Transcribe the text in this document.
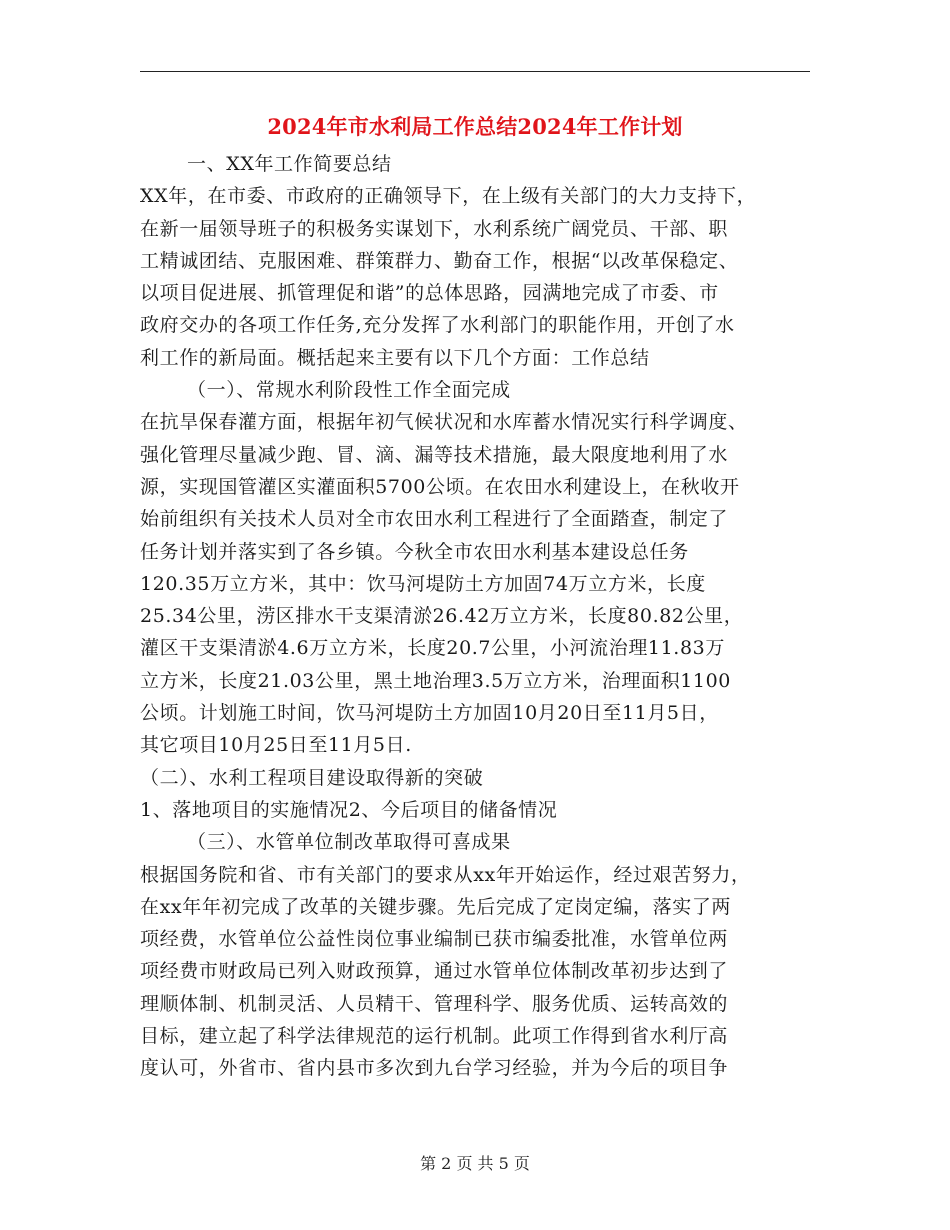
2024年市水利局工作总结2024年工作计划
一、XX年工作简要总结
XX年，在市委、市政府的正确领导下，在上级有关部门的大力支持下，
在新一届领导班子的积极务实谋划下，水利系统广阔党员、干部、职
工精诚团结、克服困难、群策群力、勤奋工作，根据“以改革保稳定、
以项目促进展、抓管理促和谐”的总体思路，园满地完成了市委、市
政府交办的各项工作任务,充分发挥了水利部门的职能作用，开创了水
利工作的新局面。概括起来主要有以下几个方面：工作总结
（一）、常规水利阶段性工作全面完成
在抗旱保春灌方面，根据年初气候状况和水库蓄水情况实行科学调度、
强化管理尽量减少跑、冒、滴、漏等技术措施，最大限度地利用了水
源，实现国管灌区实灌面积5700公顷。在农田水利建设上，在秋收开
始前组织有关技术人员对全市农田水利工程进行了全面踏查，制定了
任务计划并落实到了各乡镇。今秋全市农田水利基本建设总任务
120.35万立方米，其中：饮马河堤防土方加固74万立方米，长度
25.34公里，涝区排水干支渠清淤26.42万立方米，长度80.82公里，
灌区干支渠清淤4.6万立方米，长度20.7公里，小河流治理11.83万
立方米，长度21.03公里，黑土地治理3.5万立方米，治理面积1100
公顷。计划施工时间，饮马河堤防土方加固10月20日至11月5日，
其它项目10月25日至11月5日.
（二）、水利工程项目建设取得新的突破
1、落地项目的实施情况2、今后项目的储备情况
（三）、水管单位制改革取得可喜成果
根据国务院和省、市有关部门的要求从xx年开始运作，经过艰苦努力，
在xx年年初完成了改革的关键步骤。先后完成了定岗定编，落实了两
项经费，水管单位公益性岗位事业编制已获市编委批准，水管单位两
项经费市财政局已列入财政预算，通过水管单位体制改革初步达到了
理顺体制、机制灵活、人员精干、管理科学、服务优质、运转高效的
目标，建立起了科学法律规范的运行机制。此项工作得到省水利厅高
度认可，外省市、省内县市多次到九台学习经验，并为今后的项目争
第 2 页 共 5 页
